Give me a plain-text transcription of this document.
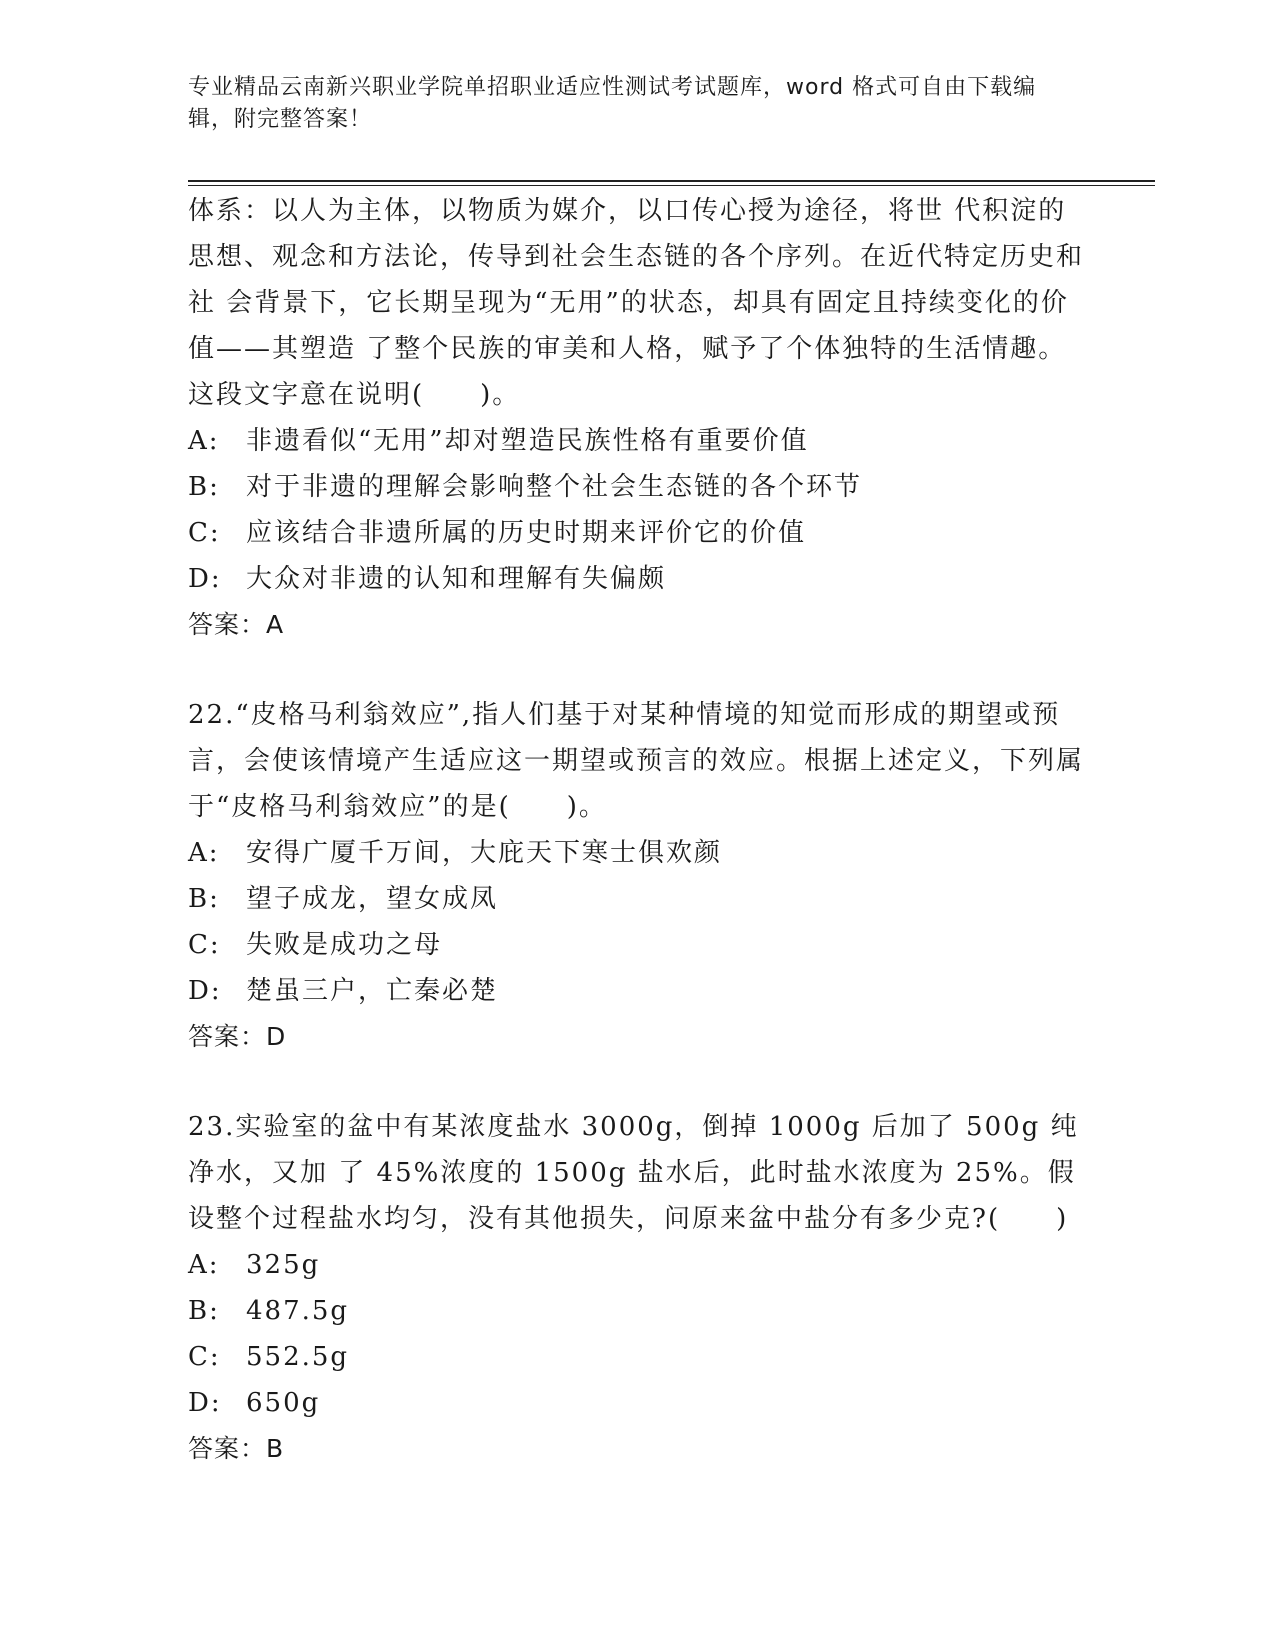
专业精品云南新兴职业学院单招职业适应性测试考试题库，word 格式可自由下载编辑，附完整答案！

体系：以人为主体，以物质为媒介，以口传心授为途径，将世 代积淀的思想、观念和方法论，传导到社会生态链的各个序列。在近代特定历史和社 会背景下，它长期呈现为“无用”的状态，却具有固定且持续变化的价值——其塑造 了整个民族的审美和人格，赋予了个体独特的生活情趣。这段文字意在说明(　　)。

A:	非遗看似“无用”却对塑造民族性格有重要价值
B:	对于非遗的理解会影响整个社会生态链的各个环节
C: 应该结合非遗所属的历史时期来评价它的价值
D: 大众对非遗的认知和理解有失偏颇
答案：A

22.“皮格马利翁效应”,指人们基于对某种情境的知觉而形成的期望或预言，会使该情境产生适应这一期望或预言的效应。根据上述定义，下列属于“皮格马利翁效应”的是(　　)。

A:	安得广厦千万间，大庇天下寒士俱欢颜
B:	望子成龙，望女成凤
C: 失败是成功之母
D: 楚虽三户，亡秦必楚
答案：D

23.实验室的盆中有某浓度盐水 3000g，倒掉 1000g 后加了 500g 纯净水，又加 了 45%浓度的 1500g 盐水后，此时盐水浓度为 25%。假设整个过程盐水均匀，没有其他损失，问原来盆中盐分有多少克?(　　)

A:	325g
B:	487.5g
C: 552.5g
D: 650g
答案：B
